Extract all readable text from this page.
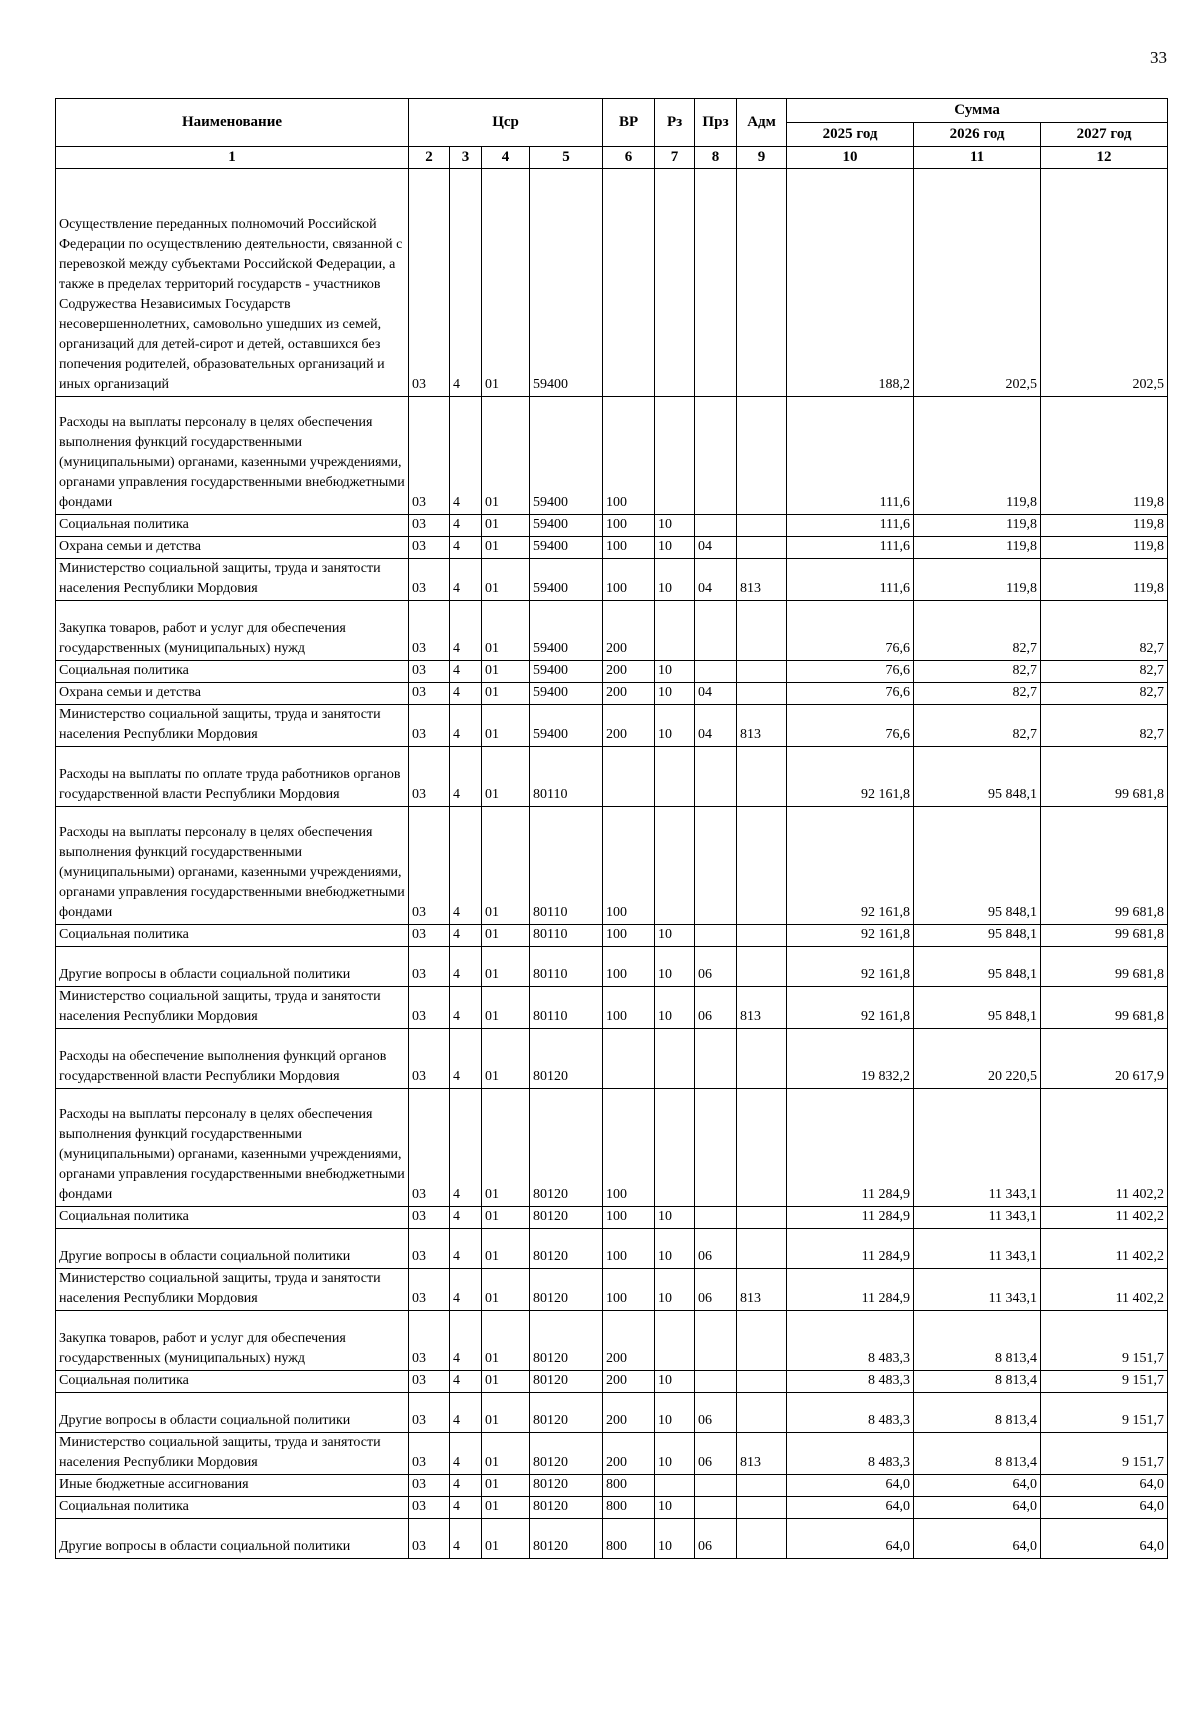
33
Наименование	Цср				ВР	Рз	Прз	Адм	Сумма		
									2025 год	2026 год	2027 год
1	2	3	4	5	6	7	8	9	10	11	12
Осуществление переданных полномочий Российской Федерации по осуществлению деятельности, связанной с перевозкой между субъектами Российской Федерации, а также в пределах территорий государств - участников Содружества Независимых Государств несовершеннолетних, самовольно ушедших из семей, организаций для детей-сирот и детей, оставшихся без попечения родителей, образовательных организаций и иных организаций	03	4	01	59400					188,2	202,5	202,5
Расходы на выплаты персоналу в целях обеспечения выполнения функций государственными (муниципальными) органами, казенными учреждениями, органами управления государственными внебюджетными фондами	03	4	01	59400	100				111,6	119,8	119,8
Социальная политика	03	4	01	59400	100	10			111,6	119,8	119,8
Охрана семьи и детства	03	4	01	59400	100	10	04		111,6	119,8	119,8
Министерство социальной защиты, труда и занятости населения Республики Мордовия	03	4	01	59400	100	10	04	813	111,6	119,8	119,8
Закупка товаров, работ и услуг для обеспечения государственных (муниципальных) нужд	03	4	01	59400	200				76,6	82,7	82,7
Социальная политика	03	4	01	59400	200	10			76,6	82,7	82,7
Охрана семьи и детства	03	4	01	59400	200	10	04		76,6	82,7	82,7
Министерство социальной защиты, труда и занятости населения Республики Мордовия	03	4	01	59400	200	10	04	813	76,6	82,7	82,7
Расходы на выплаты по оплате труда работников органов государственной власти Республики Мордовия	03	4	01	80110					92 161,8	95 848,1	99 681,8
Расходы на выплаты персоналу в целях обеспечения выполнения функций государственными (муниципальными) органами, казенными учреждениями, органами управления государственными внебюджетными фондами	03	4	01	80110	100				92 161,8	95 848,1	99 681,8
Социальная политика	03	4	01	80110	100	10			92 161,8	95 848,1	99 681,8
Другие вопросы в области социальной политики	03	4	01	80110	100	10	06		92 161,8	95 848,1	99 681,8
Министерство социальной защиты, труда и занятости населения Республики Мордовия	03	4	01	80110	100	10	06	813	92 161,8	95 848,1	99 681,8
Расходы на обеспечение выполнения функций органов государственной власти Республики Мордовия	03	4	01	80120					19 832,2	20 220,5	20 617,9
Расходы на выплаты персоналу в целях обеспечения выполнения функций государственными (муниципальными) органами, казенными учреждениями, органами управления государственными внебюджетными фондами	03	4	01	80120	100				11 284,9	11 343,1	11 402,2
Социальная политика	03	4	01	80120	100	10			11 284,9	11 343,1	11 402,2
Другие вопросы в области социальной политики	03	4	01	80120	100	10	06		11 284,9	11 343,1	11 402,2
Министерство социальной защиты, труда и занятости населения Республики Мордовия	03	4	01	80120	100	10	06	813	11 284,9	11 343,1	11 402,2
Закупка товаров, работ и услуг для обеспечения государственных (муниципальных) нужд	03	4	01	80120	200				8 483,3	8 813,4	9 151,7
Социальная политика	03	4	01	80120	200	10			8 483,3	8 813,4	9 151,7
Другие вопросы в области социальной политики	03	4	01	80120	200	10	06		8 483,3	8 813,4	9 151,7
Министерство социальной защиты, труда и занятости населения Республики Мордовия	03	4	01	80120	200	10	06	813	8 483,3	8 813,4	9 151,7
Иные бюджетные ассигнования	03	4	01	80120	800				64,0	64,0	64,0
Социальная политика	03	4	01	80120	800	10			64,0	64,0	64,0
Другие вопросы в области социальной политики	03	4	01	80120	800	10	06		64,0	64,0	64,0
